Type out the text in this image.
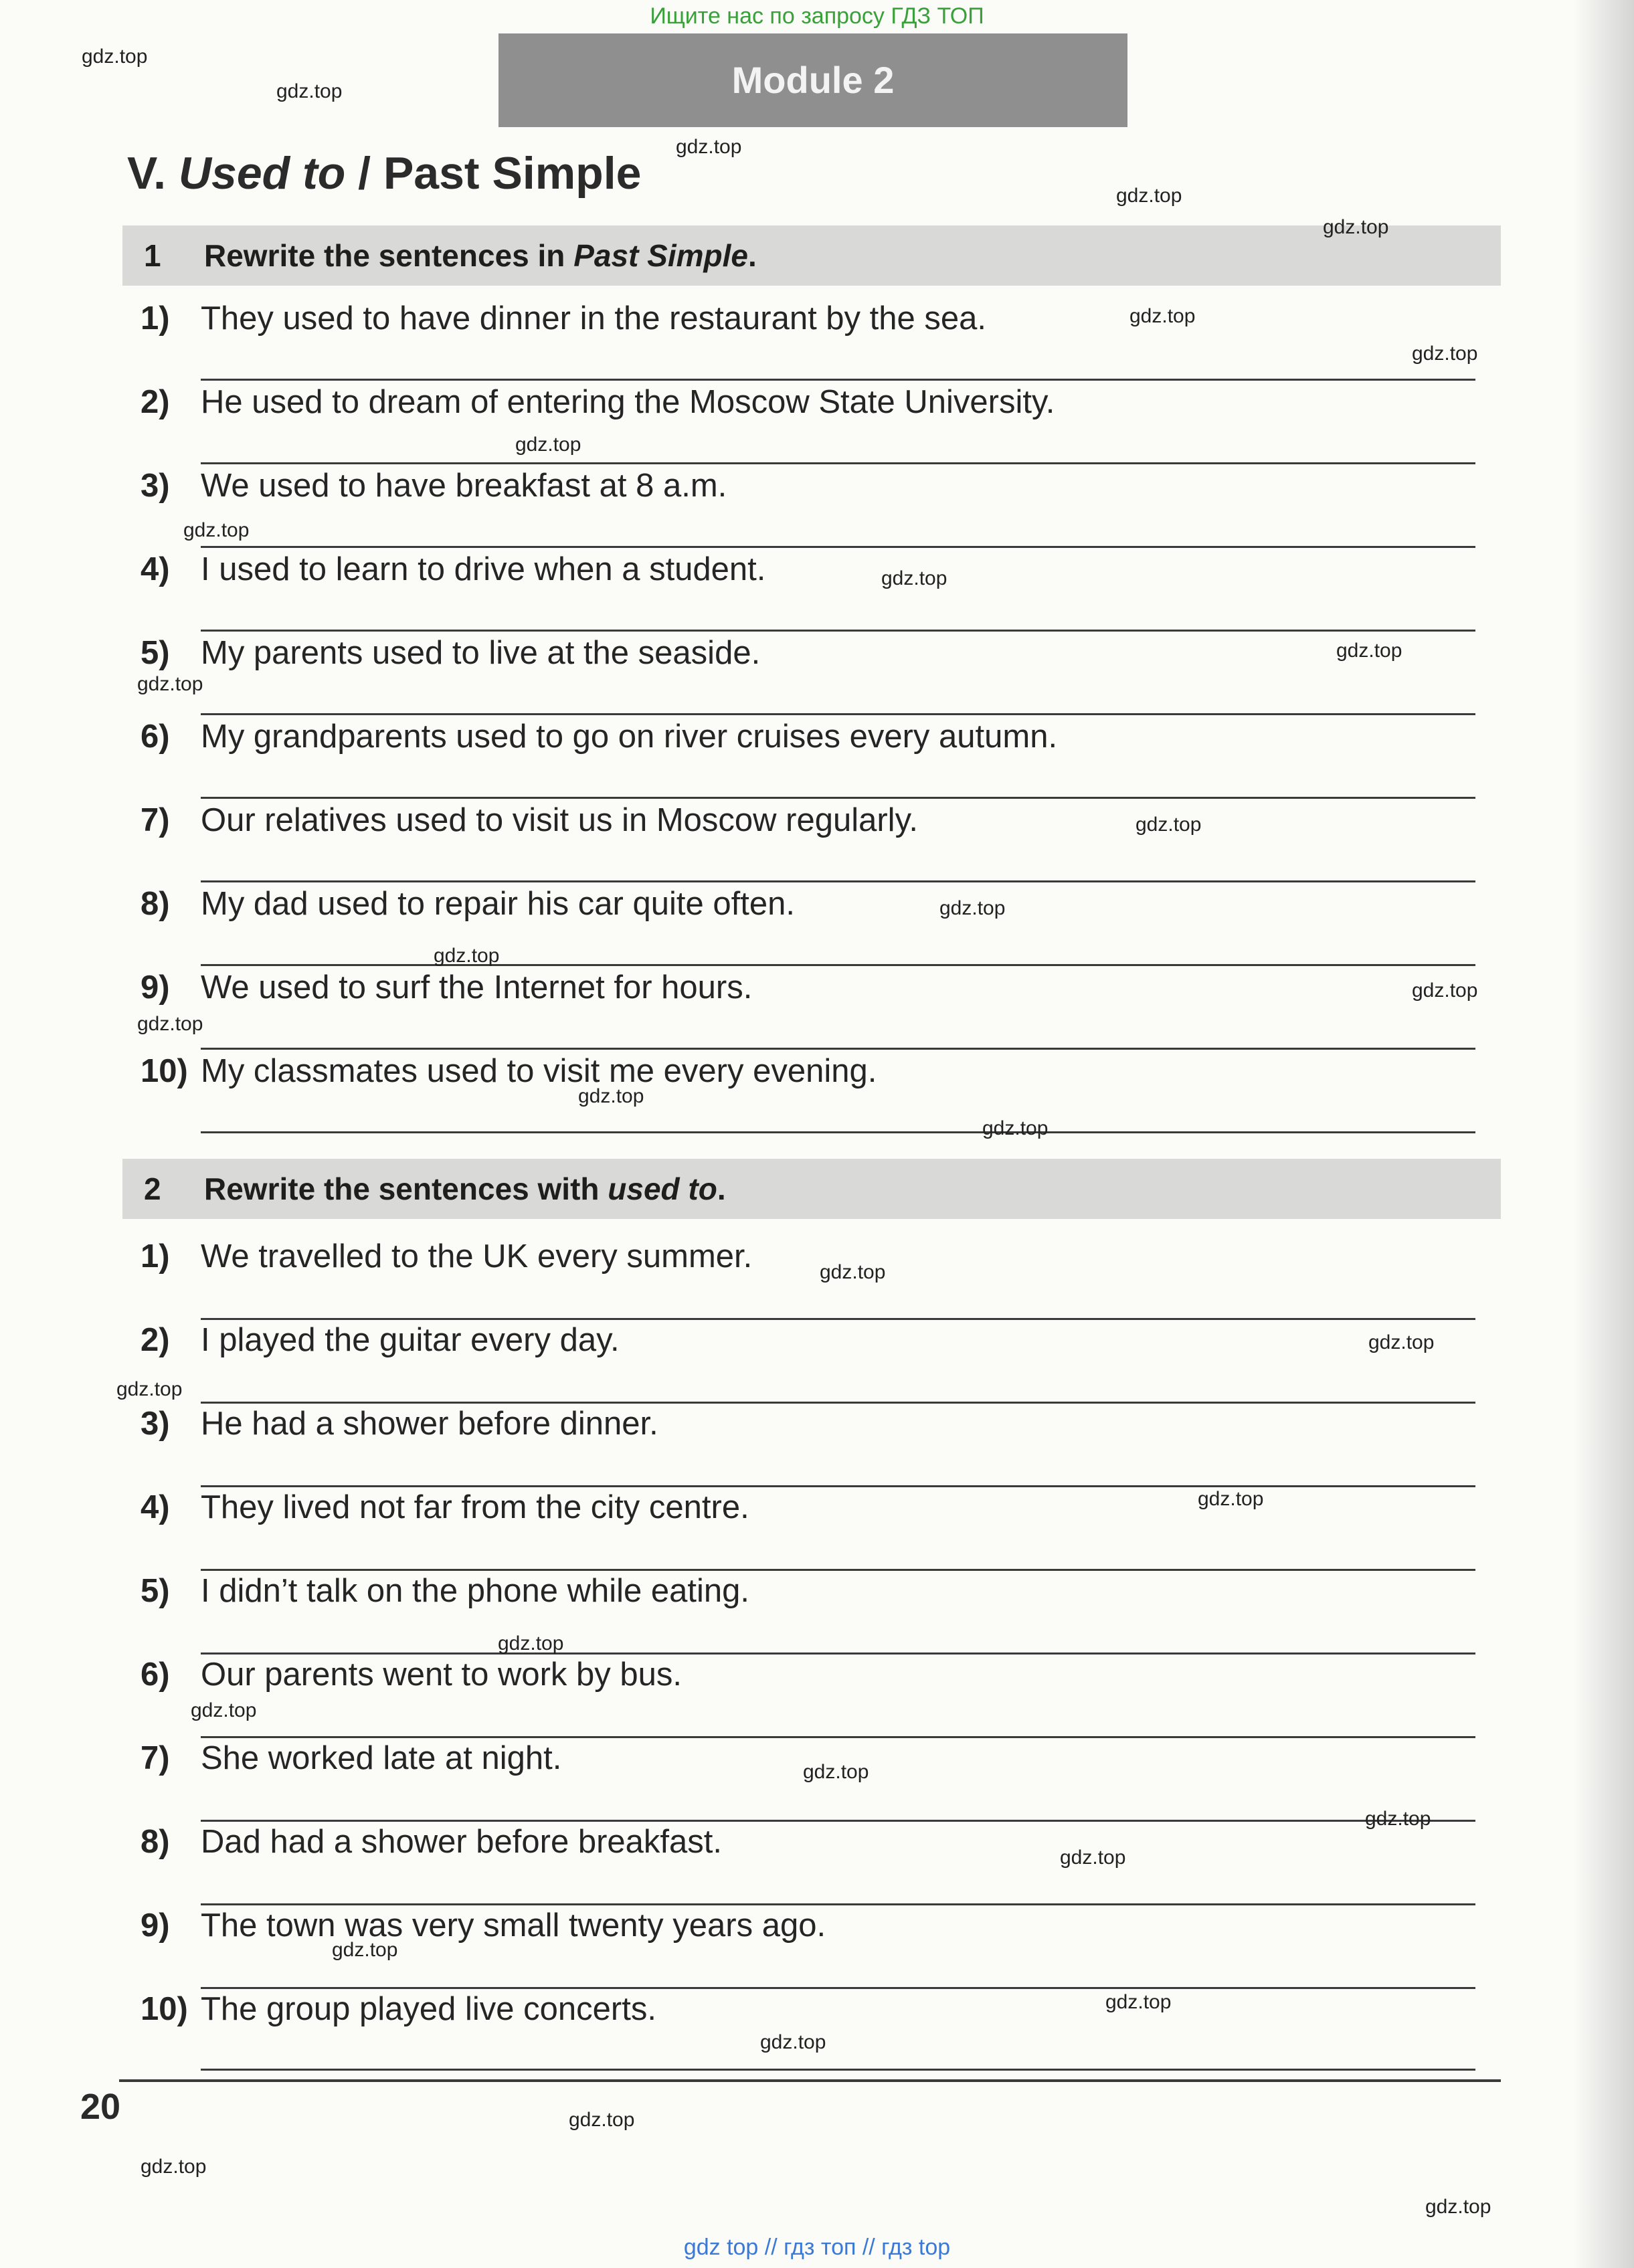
Ищите нас по запросу ГДЗ ТОП
Module 2
V. Used to / Past Simple
1 Rewrite the sentences in Past Simple.
1) They used to have dinner in the restaurant by the sea.
2) He used to dream of entering the Moscow State University.
3) We used to have breakfast at 8 a.m.
4) I used to learn to drive when a student.
5) My parents used to live at the seaside.
6) My grandparents used to go on river cruises every autumn.
7) Our relatives used to visit us in Moscow regularly.
8) My dad used to repair his car quite often.
9) We used to surf the Internet for hours.
10) My classmates used to visit me every evening.
2 Rewrite the sentences with used to.
1) We travelled to the UK every summer.
2) I played the guitar every day.
3) He had a shower before dinner.
4) They lived not far from the city centre.
5) I didn’t talk on the phone while eating.
6) Our parents went to work by bus.
7) She worked late at night.
8) Dad had a shower before breakfast.
9) The town was very small twenty years ago.
10) The group played live concerts.
20
gdz.top
gdz.top
gdz.top
gdz.top
gdz.top
gdz.top
gdz.top
gdz.top
gdz.top
gdz.top
gdz.top
gdz.top
gdz.top
gdz.top
gdz.top
gdz.top
gdz.top
gdz.top
gdz.top
gdz.top
gdz.top
gdz.top
gdz.top
gdz.top
gdz.top
gdz.top
gdz.top
gdz.top
gdz.top
gdz.top
gdz.top
gdz.top
gdz.top
gdz.top
gdz top // гдз топ // гдз top
